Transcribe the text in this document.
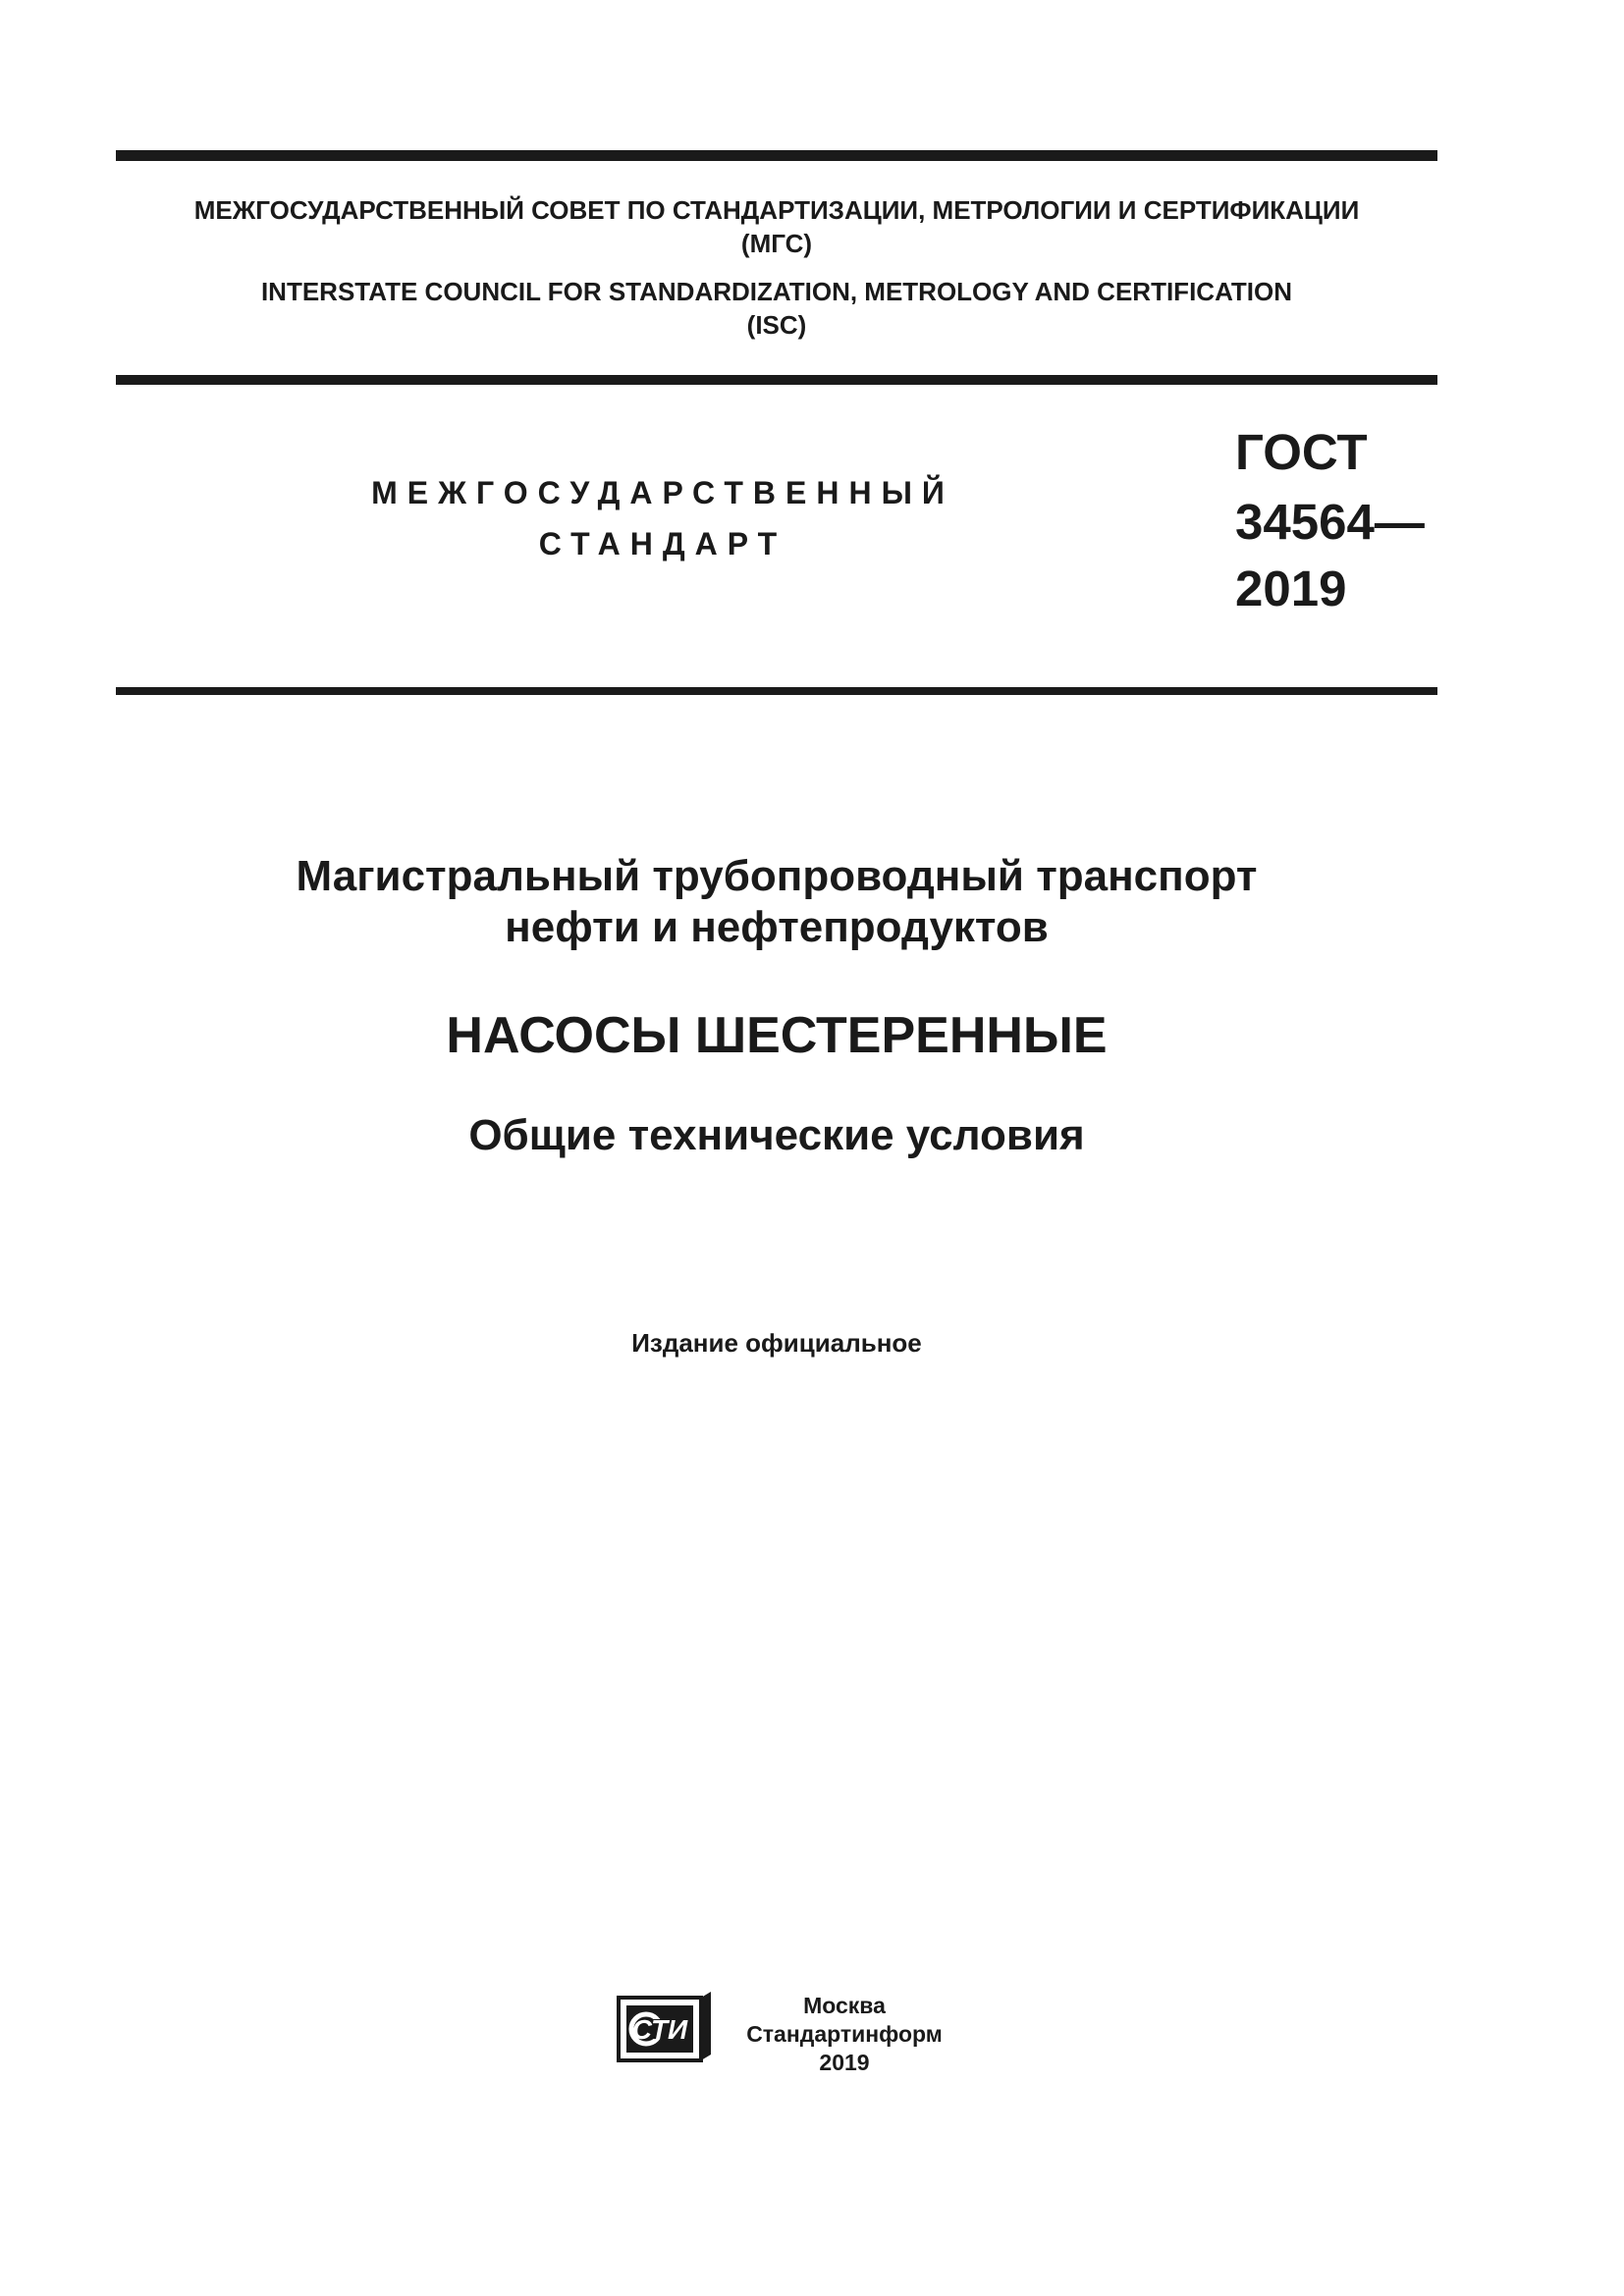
МЕЖГОСУДАРСТВЕННЫЙ СОВЕТ ПО СТАНДАРТИЗАЦИИ, МЕТРОЛОГИИ И СЕРТИФИКАЦИИ
(МГС)
INTERSTATE COUNCIL FOR STANDARDIZATION, METROLOGY AND CERTIFICATION
(ISC)
МЕЖГОСУДАРСТВЕННЫЙ
СТАНДАРТ
ГОСТ
34564—
2019
Магистральный трубопроводный транспорт
нефти и нефтепродуктов
НАСОСЫ ШЕСТЕРЕННЫЕ
Общие технические условия
Издание официальное
СТИ
Москва
Стандартинформ
2019
